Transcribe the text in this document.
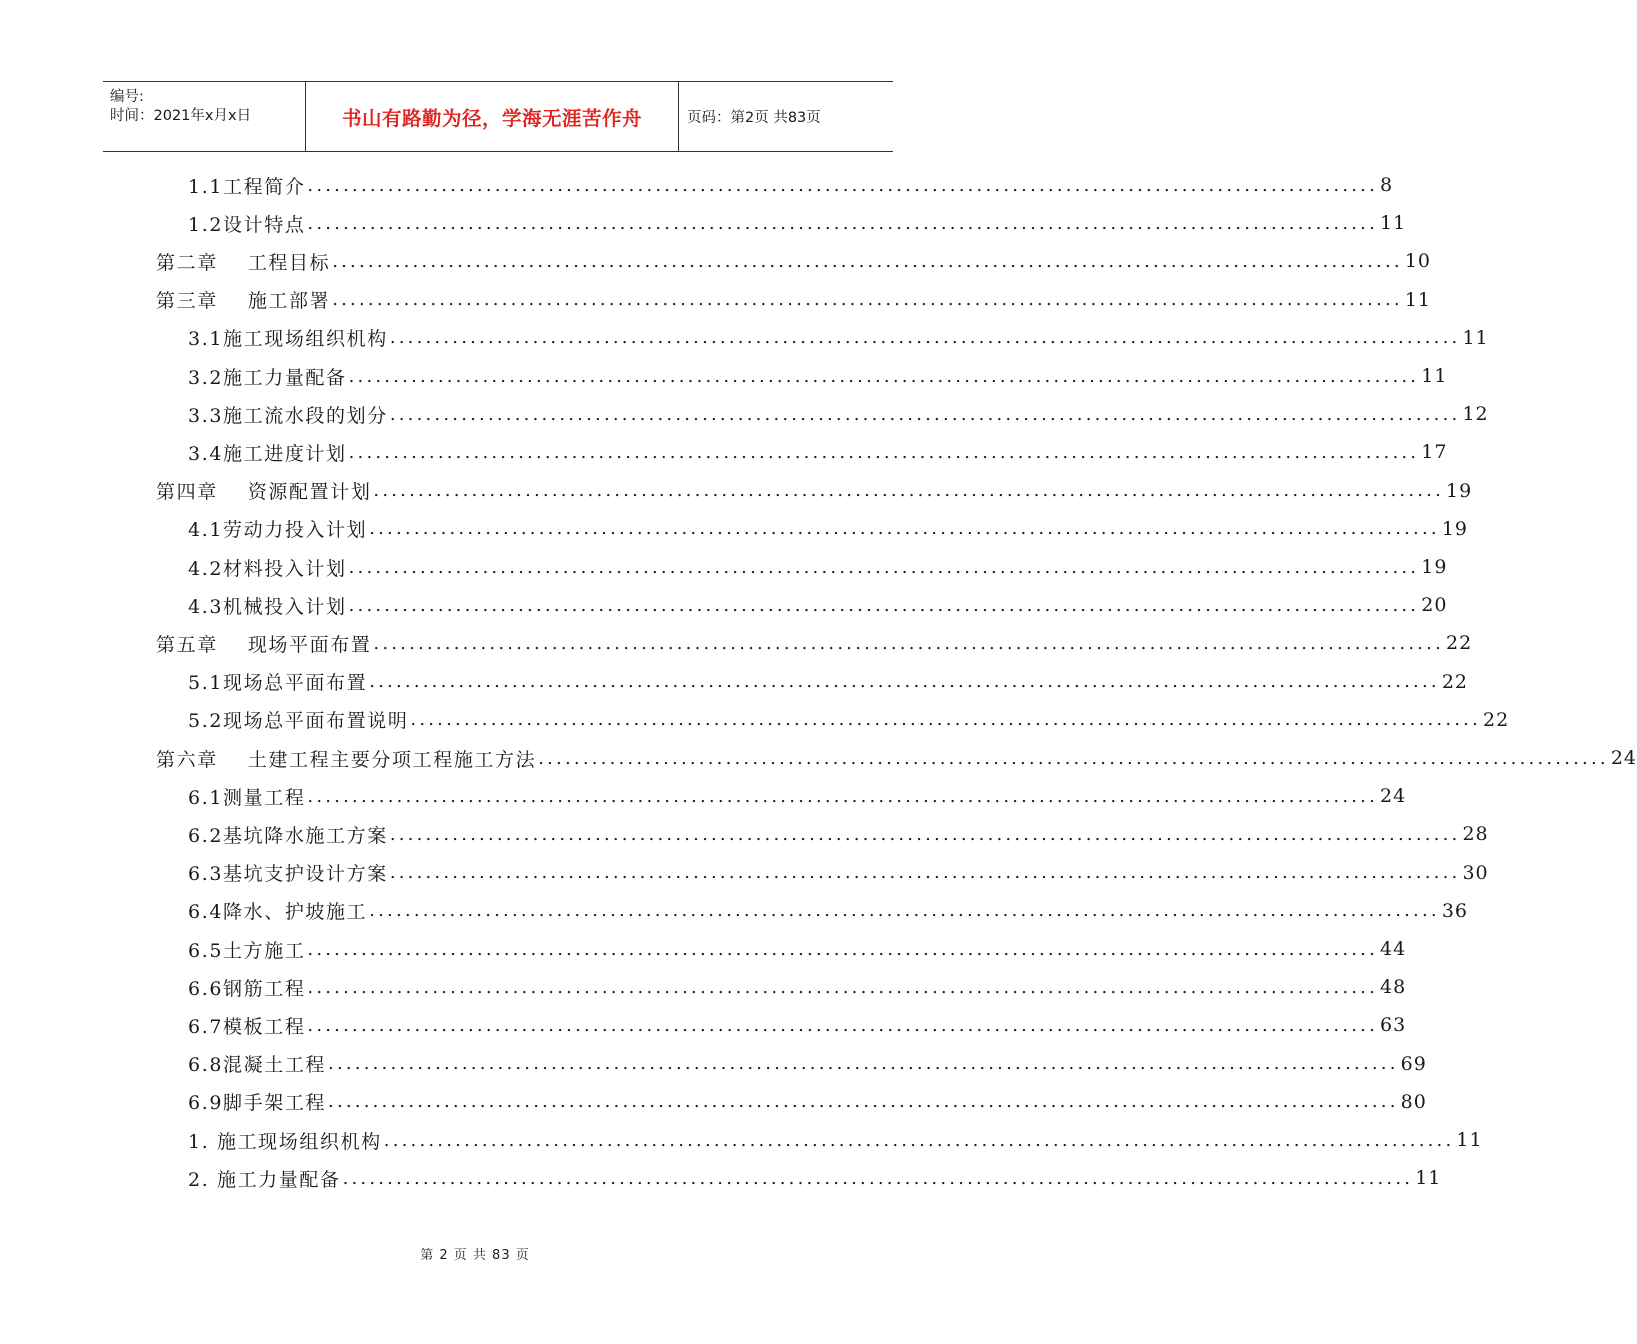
编号:
时间：2021年x月x日	书山有路勤为径，学海无涯苦作舟	页码：第2页 共83页
1.1工程简介 ........................................................................................................................ 8
1.2设计特点 ........................................................................................................................ 11
第二章 工程目标 ........................................................................................................................ 10
第三章 施工部署 ........................................................................................................................ 11
3.1施工现场组织机构 ........................................................................................................................ 11
3.2施工力量配备 ........................................................................................................................ 11
3.3施工流水段的划分 ........................................................................................................................ 12
3.4施工进度计划 ........................................................................................................................ 17
第四章 资源配置计划 ........................................................................................................................ 19
4.1劳动力投入计划 ........................................................................................................................ 19
4.2材料投入计划 ........................................................................................................................ 19
4.3机械投入计划 ........................................................................................................................ 20
第五章 现场平面布置 ........................................................................................................................ 22
5.1现场总平面布置 ........................................................................................................................ 22
5.2现场总平面布置说明 ........................................................................................................................ 22
第六章 土建工程主要分项工程施工方法 ........................................................................................................................ 24
6.1测量工程 ........................................................................................................................ 24
6.2基坑降水施工方案 ........................................................................................................................ 28
6.3基坑支护设计方案 ........................................................................................................................ 30
6.4降水、护坡施工 ........................................................................................................................ 36
6.5土方施工 ........................................................................................................................ 44
6.6钢筋工程 ........................................................................................................................ 48
6.7模板工程 ........................................................................................................................ 63
6.8混凝土工程 ........................................................................................................................ 69
6.9脚手架工程 ........................................................................................................................ 80
1. 施工现场组织机构 ........................................................................................................................ 11
2. 施工力量配备 ........................................................................................................................ 11
第 2 页 共 83 页
